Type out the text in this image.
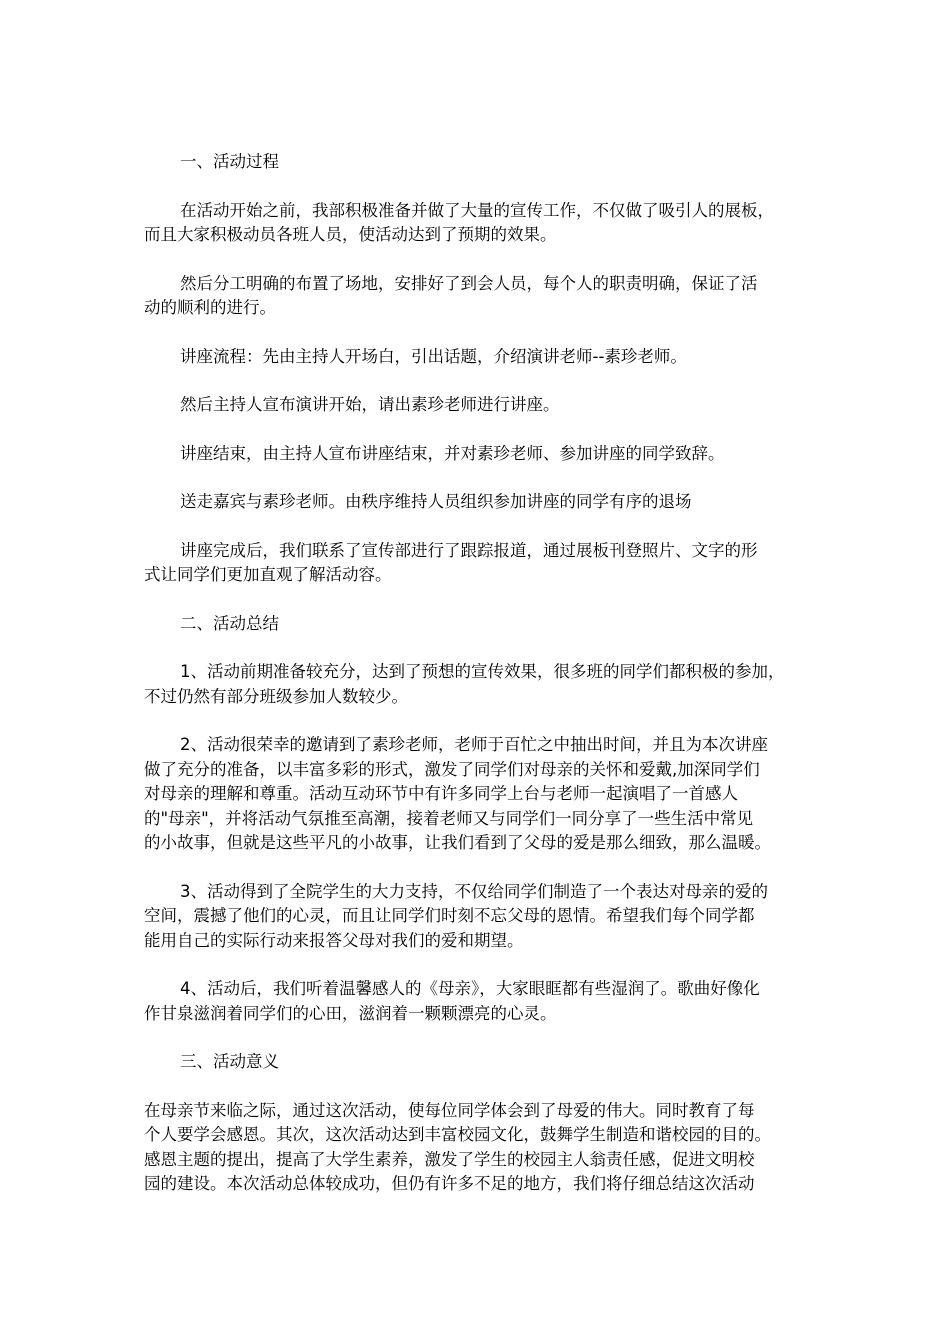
一、活动过程
在活动开始之前，我部积极准备并做了大量的宣传工作，不仅做了吸引人的展板，
而且大家积极动员各班人员，使活动达到了预期的效果。
然后分工明确的布置了场地，安排好了到会人员，每个人的职责明确，保证了活
动的顺利的进行。
讲座流程：先由主持人开场白，引出话题，介绍演讲老师--素珍老师。
然后主持人宣布演讲开始，请出素珍老师进行讲座。
讲座结束，由主持人宣布讲座结束，并对素珍老师、参加讲座的同学致辞。
送走嘉宾与素珍老师。由秩序维持人员组织参加讲座的同学有序的退场
讲座完成后，我们联系了宣传部进行了跟踪报道，通过展板刊登照片、文字的形
式让同学们更加直观了解活动容。
二、活动总结
1、活动前期准备较充分，达到了预想的宣传效果，很多班的同学们都积极的参加，
不过仍然有部分班级参加人数较少。
2、活动很荣幸的邀请到了素珍老师，老师于百忙之中抽出时间，并且为本次讲座
做了充分的准备，以丰富多彩的形式，激发了同学们对母亲的关怀和爱戴,加深同学们
对母亲的理解和尊重。活动互动环节中有许多同学上台与老师一起演唱了一首感人
的"母亲"，并将活动气氛推至高潮，接着老师又与同学们一同分享了一些生活中常见
的小故事，但就是这些平凡的小故事，让我们看到了父母的爱是那么细致，那么温暖。
3、活动得到了全院学生的大力支持，不仅给同学们制造了一个表达对母亲的爱的
空间，震撼了他们的心灵，而且让同学们时刻不忘父母的恩情。希望我们每个同学都
能用自己的实际行动来报答父母对我们的爱和期望。
4、活动后，我们听着温馨感人的《母亲》，大家眼眶都有些湿润了。歌曲好像化
作甘泉滋润着同学们的心田，滋润着一颗颗漂亮的心灵。
三、活动意义
在母亲节来临之际，通过这次活动，使每位同学体会到了母爱的伟大。同时教育了每
个人要学会感恩。其次，这次活动达到丰富校园文化，鼓舞学生制造和谐校园的目的。
感恩主题的提出，提高了大学生素养，激发了学生的校园主人翁责任感，促进文明校
园的建设。本次活动总体较成功，但仍有许多不足的地方，我们将仔细总结这次活动
